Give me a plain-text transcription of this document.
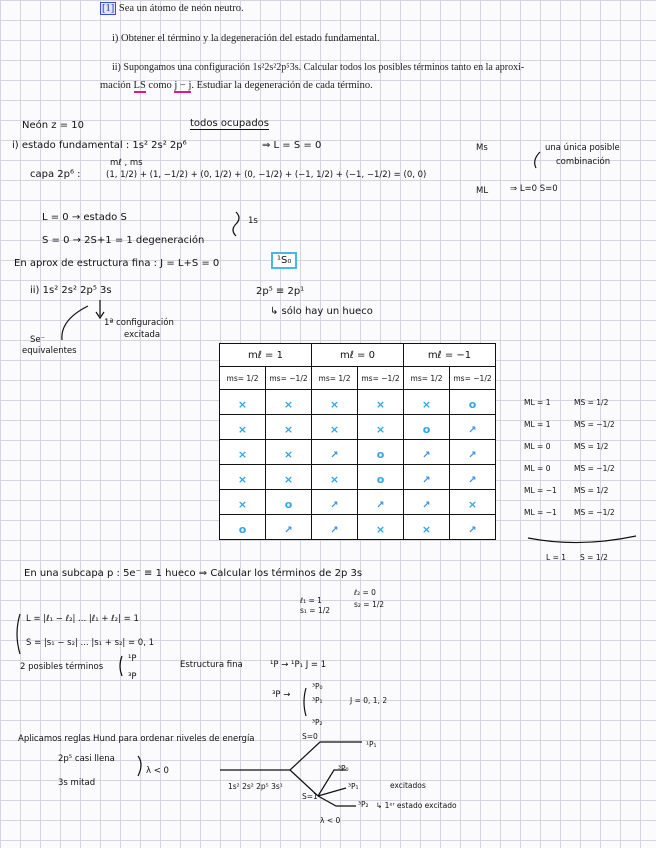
[1] Sea un átomo de neón neutro.
i) Obtener el término y la degeneración del estado fundamental.
ii) Supongamos una configuración 1s²2s²2p⁵3s. Calcular todos los posibles términos tanto en la aproxi-
mación LS como j − j. Estudiar la degeneración de cada término.
Neón z = 10	todos ocupados
i) estado fundamental : 1s² 2s² 2p⁶	⇒ L = S = 0	Ms	una única posible
combinación
mℓ , ms
capa 2p⁶ :	(1, 1/2) + (1, −1/2) + (0, 1/2) + (0, −1/2) + (−1, 1/2) + (−1, −1/2) = (0, 0)
ML	⇒ L=0 S=0
L = 0 → estado S
S = 0 → 2S+1 = 1 degeneración
1s
En aprox de estructura fina : J = L+S = 0	¹S₀
ii) 1s² 2s² 2p⁵ 3s	2p⁵ ≡ 2p¹
↳ sólo hay un hueco
1ª configuración
excitada
Se⁻
equivalentes	mℓ = 1		mℓ = 0		mℓ = −1	
ms= 1/2	ms= −1/2	ms= 1/2	ms= −1/2	ms= 1/2	ms= −1/2
×	×	×	×	×	o
×	×	×	×	o	↗
×	×	↗	o	↗	↗
×	×	×	o	↗	↗
×	o	↗	↗	↗	×
o	↗	↗	×	×	↗
ML = 1	MS = 1/2
ML = 1	MS = −1/2
ML = 0	MS = 1/2
ML = 0	MS = −1/2
ML = −1	MS = 1/2
ML = −1	MS = −1/2
L = 1 S = 1/2
En una subcapa p : 5e⁻ ≡ 1 hueco ⇒ Calcular los términos de 2p 3s
ℓ₁ = 1
s₁ = 1/2
ℓ₂ = 0
s₂ = 1/2
L = |ℓ₁ − ℓ₂| ... |ℓ₁ + ℓ₂| = 1
S = |s₁ − s₂| ... |s₁ + s₂| = 0, 1
2 posibles términos
¹P
³P
Estructura fina	¹P → ¹P₁ J = 1
³P →
³P₀
³P₁
³P₂
J = 0, 1, 2
Aplicamos reglas Hund para ordenar niveles de energía
2p⁵ casi llena
3s mitad
λ < 0
1s² 2s² 2p⁵ 3s¹
S=0
S=1
¹P₁
³P₀
³P₁
³P₂
excitados
↳ 1ᵉʳ estado excitado
λ < 0
